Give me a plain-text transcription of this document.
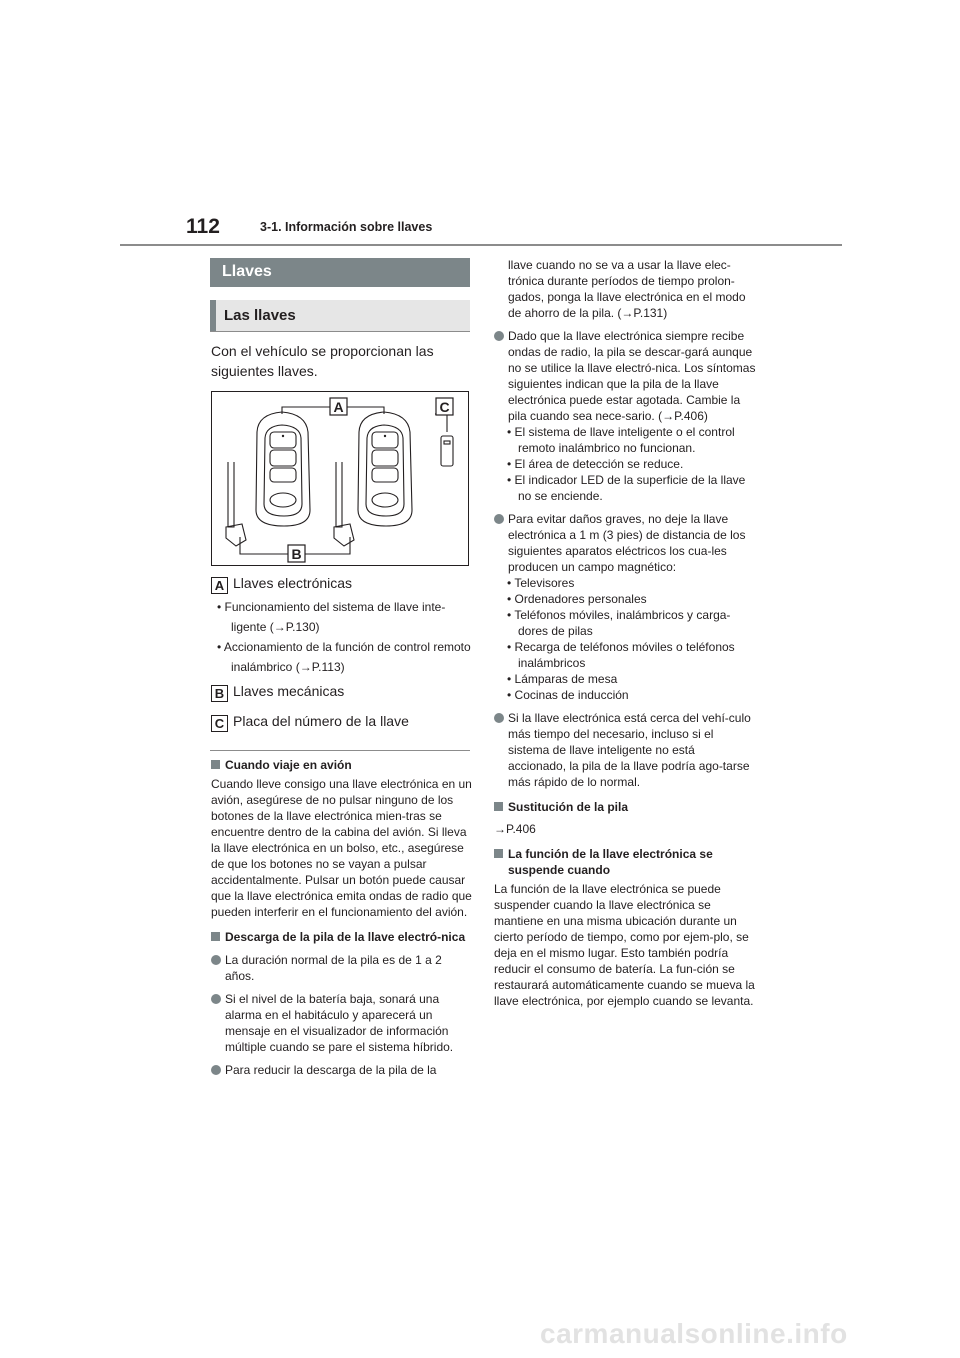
112	3-1. Información sobre llaves
Llaves
Las llaves
Con el vehículo se proporcionan las siguientes llaves.
A	C
B
A Llaves electrónicas
• Funcionamiento del sistema de llave inte-ligente (→P.130)
• Accionamiento de la función de control remoto inalámbrico (→P.113)
B Llaves mecánicas
C Placa del número de la llave
Cuando viaje en avión
Cuando lleve consigo una llave electrónica en un avión, asegúrese de no pulsar ninguno de los botones de la llave electrónica mien-tras se encuentre dentro de la cabina del avión. Si lleva la llave electrónica en un bolso, etc., asegúrese de que los botones no se vayan a pulsar accidentalmente. Pulsar un botón puede causar que la llave electrónica emita ondas de radio que pueden interferir en el funcionamiento del avión.
Descarga de la pila de la llave electró-nica
La duración normal de la pila es de 1 a 2 años.
Si el nivel de la batería baja, sonará una alarma en el habitáculo y aparecerá un mensaje en el visualizador de información múltiple cuando se pare el sistema híbrido.
Para reducir la descarga de la pila de la
llave cuando no se va a usar la llave elec-trónica durante períodos de tiempo prolon-gados, ponga la llave electrónica en el modo de ahorro de la pila. (→P.131)
Dado que la llave electrónica siempre recibe ondas de radio, la pila se descar-gará aunque no se utilice la llave electró-nica. Los síntomas siguientes indican que la pila de la llave electrónica puede estar agotada. Cambie la pila cuando sea nece-sario. (→P.406)
• El sistema de llave inteligente o el control remoto inalámbrico no funcionan.
• El área de detección se reduce.
• El indicador LED de la superficie de la llave no se enciende.
Para evitar daños graves, no deje la llave electrónica a 1 m (3 pies) de distancia de los siguientes aparatos eléctricos los cua-les producen un campo magnético:
• Televisores
• Ordenadores personales
• Teléfonos móviles, inalámbricos y carga-dores de pilas
• Recarga de teléfonos móviles o teléfonos inalámbricos
• Lámparas de mesa
• Cocinas de inducción
Si la llave electrónica está cerca del vehí-culo más tiempo del necesario, incluso si el sistema de llave inteligente no está accionado, la pila de la llave podría ago-tarse más rápido de lo normal.
Sustitución de la pila
→P.406
La función de la llave electrónica se suspende cuando
La función de la llave electrónica se puede suspender cuando la llave electrónica se mantiene en una misma ubicación durante un cierto período de tiempo, como por ejem-plo, se deja en el mismo lugar. Esto también podría reducir el consumo de batería. La fun-ción se restaurará automáticamente cuando se mueva la llave electrónica, por ejemplo cuando se levanta.
carmanualsonline.info
